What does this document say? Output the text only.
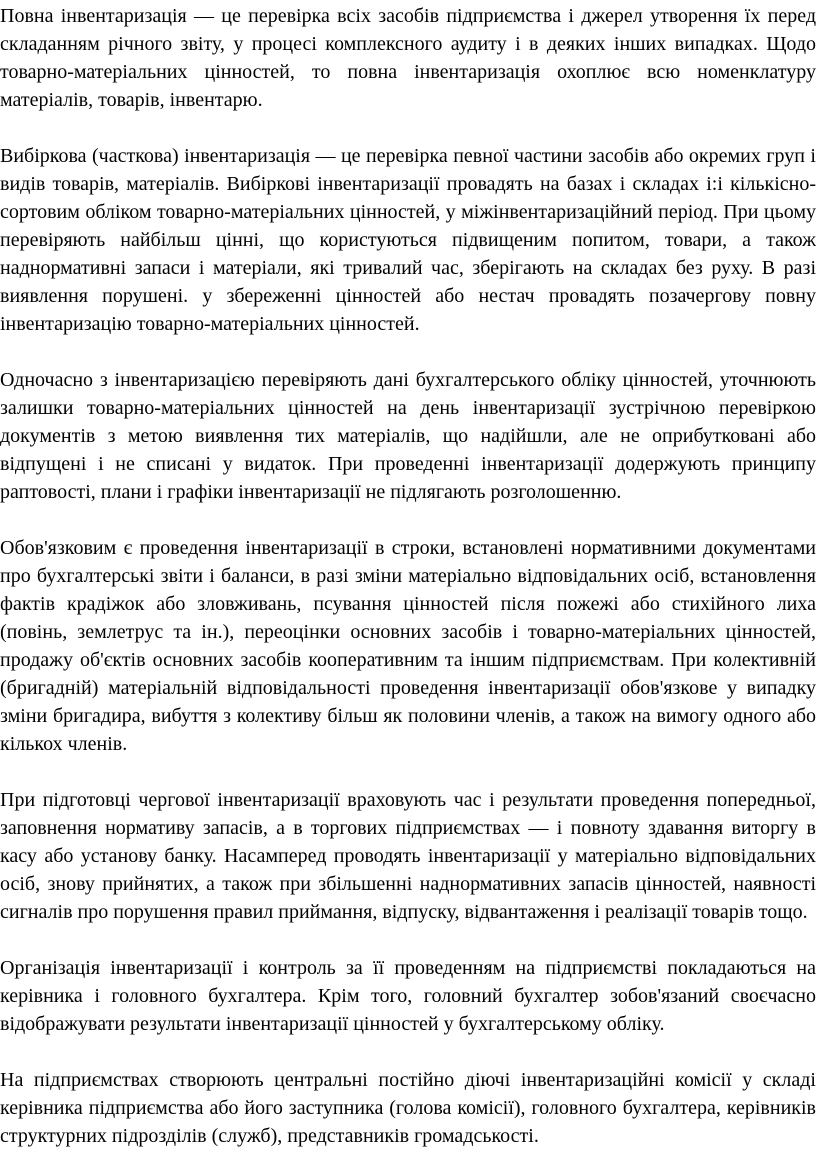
Повна інвентаризація — це перевірка всіх засобів підприємства і джерел утворення їх перед складанням річного звіту, у процесі комплексного аудиту і в деяких інших випадках. Щодо товарно-матеріальних цінностей, то повна інвентаризація охоплює всю номенклатуру матеріалів, товарів, інвентарю.

Вибіркова (часткова) інвентаризація — це перевірка певної частини засобів або окремих груп і видів товарів, матеріалів. Вибіркові інвентаризації провадять на базах і складах і:і кількісно-сортовим обліком товарно-матеріальних цінностей, у міжінвентаризаційний період. При цьому перевіряють найбільш цінні, що користуються підвищеним попитом, товари, а також наднормативні запаси і матеріали, які тривалий час, зберігають на складах без руху. В разі виявлення порушені. у збереженні цінностей або нестач провадять позачергову повну інвентаризацію товарно-матеріальних цінностей.

Одночасно з інвентаризацією перевіряють дані бухгалтерського обліку цінностей, уточнюють залишки товарно-матеріальних цінностей на день інвентаризації зустрічною перевіркою документів з метою виявлення тих матеріалів, що надійшли, але не оприбутковані або відпущені і не списані у видаток. При проведенні інвентаризації додержують принципу раптовості, плани і графіки інвентаризації не підлягають розголошенню.

Обов'язковим є проведення інвентаризації в строки, встановлені нормативними документами про бухгалтерські звіти і баланси, в разі зміни матеріально відповідальних осіб, встановлення фактів крадіжок або зловживань, псування цінностей після пожежі або стихійного лиха (повінь, землетрус та ін.), переоцінки основних засобів і товарно-матеріальних цінностей, продажу об'єктів основних засобів кооперативним та іншим підприємствам. При колективній (бригадній) матеріальній відповідальності проведення інвентаризації обов'язкове у випадку зміни бригадира, вибуття з колективу більш як половини членів, а також на вимогу одного або кількох членів.

При підготовці чергової інвентаризації враховують час і результати проведення попередньої, заповнення нормативу запасів, а в торгових підприємствах — і повноту здавання виторгу в касу або установу банку. Насамперед проводять інвентаризації у матеріально відповідальних осіб, знову прийнятих, а також при збільшенні наднормативних запасів цінностей, наявності сигналів про порушення правил приймання, відпуску, відвантаження і реалізації товарів тощо.

Організація інвентаризації і контроль за її проведенням на підприємстві покладаються на керівника і головного бухгалтера. Крім того, головний бухгалтер зобов'язаний своєчасно відображувати результати інвентаризації цінностей у бухгалтерському обліку.

На підприємствах створюють центральні постійно діючі інвентаризаційні комісії у складі керівника підприємства або його заступника (голова комісії), головного бухгалтера, керівників структурних підрозділів (служб), представників громадськості.
